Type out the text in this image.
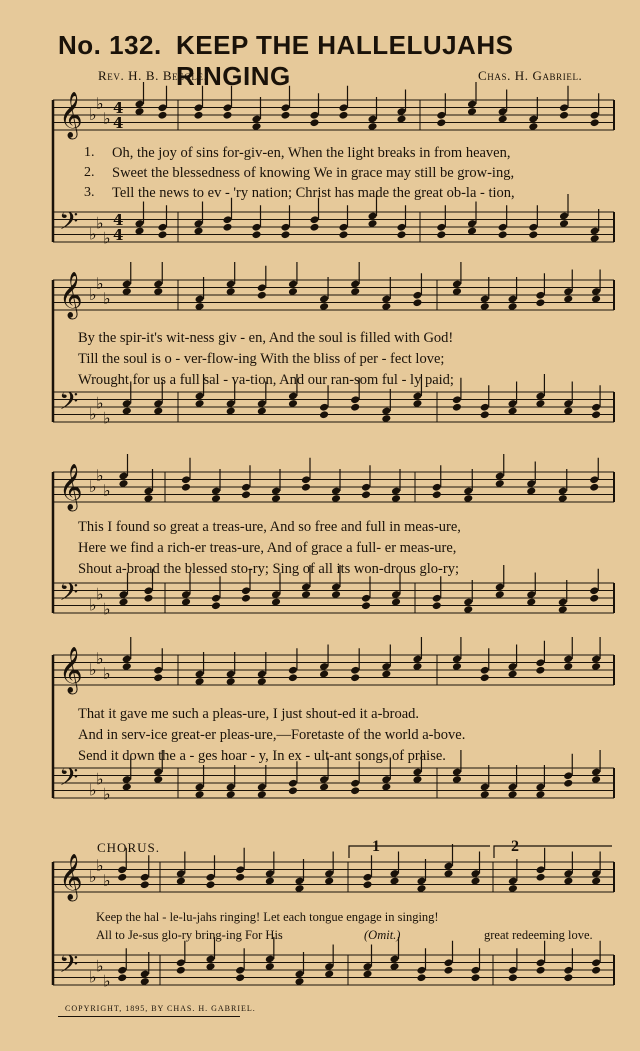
No. 132. KEEP THE HALLELUJAHS RINGING
Rev. H. B. Beegle.	Chas. H. Gabriel.
𝄞 ♭
♭
♭
𝄢 ♭
♭
♭
4
4
4
4
𝄞 ♭
♭
♭
𝄢 ♭
♭
♭
𝄞 ♭
♭
♭
𝄢 ♭
♭
♭
𝄞 ♭
♭
♭
𝄢 ♭
♭
♭
𝄞 ♭
♭
♭
𝄢 ♭
♭
♭
CHORUS.	1	2
Keep the hal - le-lu-jahs ringing! Let each tongue engage in singing!
All to Je-sus glo-ry bring-ing For His	(Omit.)	great redeeming love.
COPYRIGHT, 1895, BY CHAS. H. GABRIEL.
Oh, the joy of sins for-giv-en, When the light breaks in from heaven,
1.
Sweet the blessedness of knowing We in grace may still be grow-ing,
2.
Tell the news to ev - 'ry nation; Christ has made the great ob-la - tion,
3.
By the spir-it's wit-ness giv - en, And the soul is filled with God!
Till the soul is o - ver-flow-ing With the bliss of per - fect love;
Wrought for us a full sal - va-tion, And our ran-som ful - ly paid;
This I found so great a treas-ure, And so free and full in meas-ure,
Here we find a rich-er treas-ure, And of grace a full- er meas-ure,
Shout a-broad the blessed sto-ry; Sing of all its won-drous glo-ry;
That it gave me such a pleas-ure, I just shout-ed it a-broad.
And in serv-ice great-er pleas-ure,—Foretaste of the world a-bove.
Send it down the a - ges hoar - y, In ex - ult-ant songs of praise.
